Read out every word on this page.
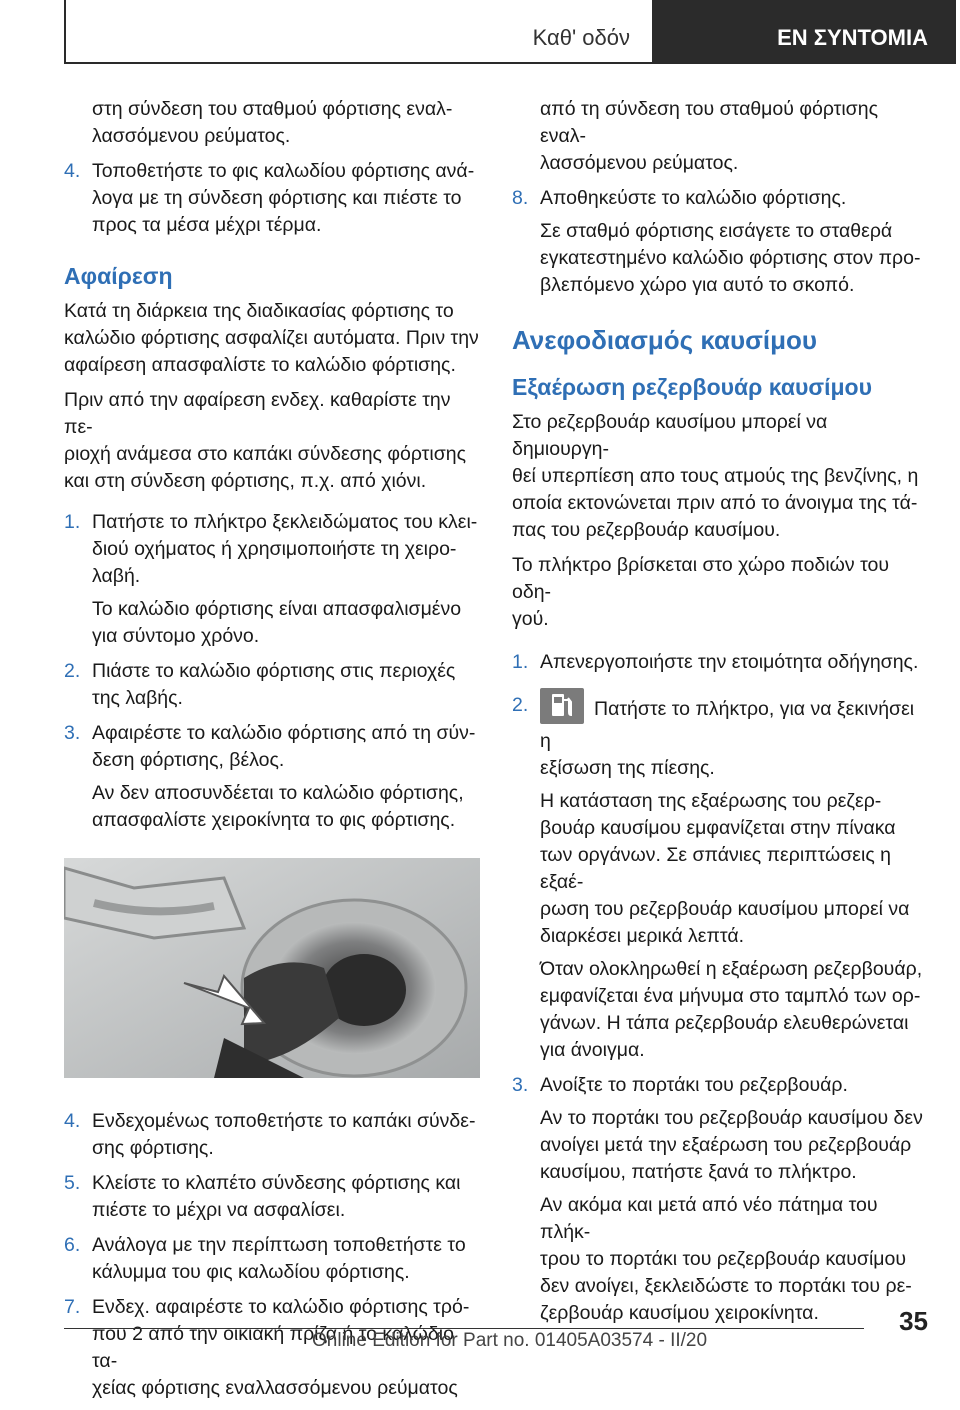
Καθ' οδόν	ΕΝ ΣΥΝΤΟΜΙΑ

στη σύνδεση του σταθμού φόρτισης εναλ-
λασσόμενου ρεύματος.

4. Τοποθετήστε το φις καλωδίου φόρτισης ανά-
λογα με τη σύνδεση φόρτισης και πιέστε το
προς τα μέσα μέχρι τέρμα.

Αφαίρεση

Κατά τη διάρκεια της διαδικασίας φόρτισης το
καλώδιο φόρτισης ασφαλίζει αυτόματα. Πριν την
αφαίρεση απασφαλίστε το καλώδιο φόρτισης.

Πριν από την αφαίρεση ενδεχ. καθαρίστε την πε-
ριοχή ανάμεσα στο καπάκι σύνδεσης φόρτισης
και στη σύνδεση φόρτισης, π.χ. από χιόνι.

1. Πατήστε το πλήκτρο ξεκλειδώματος του κλει-
διού οχήματος ή χρησιμοποιήστε τη χειρο-
λαβή.

Το καλώδιο φόρτισης είναι απασφαλισμένο
για σύντομο χρόνο.

2. Πιάστε το καλώδιο φόρτισης στις περιοχές
της λαβής.

3. Αφαιρέστε το καλώδιο φόρτισης από τη σύν-
δεση φόρτισης, βέλος.

Αν δεν αποσυνδέεται το καλώδιο φόρτισης,
απασφαλίστε χειροκίνητα το φις φόρτισης.

4. Ενδεχομένως τοποθετήστε το καπάκι σύνδε-
σης φόρτισης.

5. Κλείστε το κλαπέτο σύνδεσης φόρτισης και
πιέστε το μέχρι να ασφαλίσει.

6. Ανάλογα με την περίπτωση τοποθετήστε το
κάλυμμα του φις καλωδίου φόρτισης.

7. Ενδεχ. αφαιρέστε το καλώδιο φόρτισης τρό-
που 2 από την οικιακή πρίζα ή το καλώδιο τα-
χείας φόρτισης εναλλασσόμενου ρεύματος

από τη σύνδεση του σταθμού φόρτισης εναλ-
λασσόμενου ρεύματος.

8. Αποθηκεύστε το καλώδιο φόρτισης.

Σε σταθμό φόρτισης εισάγετε το σταθερά
εγκατεστημένο καλώδιο φόρτισης στον προ-
βλεπόμενο χώρο για αυτό το σκοπό.

Ανεφοδιασμός καυσίμου
Εξαέρωση ρεζερβουάρ καυσίμου

Στο ρεζερβουάρ καυσίμου μπορεί να δημιουργη-
θεί υπερπίεση απο τους ατμούς της βενζίνης, η
οποία εκτονώνεται πριν από το άνοιγμα της τά-
πας του ρεζερβουάρ καυσίμου.

Το πλήκτρο βρίσκεται στο χώρο ποδιών του οδη-
γού.

1. Απενεργοποιήστε την ετοιμότητα οδήγησης.

2.	Πατήστε το πλήκτρο, για να ξεκινήσει η
εξίσωση της πίεσης.

Η κατάσταση της εξαέρωσης του ρεζερ-
βουάρ καυσίμου εμφανίζεται στην πίνακα
των οργάνων. Σε σπάνιες περιπτώσεις η εξαέ-
ρωση του ρεζερβουάρ καυσίμου μπορεί να
διαρκέσει μερικά λεπτά.

Όταν ολοκληρωθεί η εξαέρωση ρεζερβουάρ,
εμφανίζεται ένα μήνυμα στο ταμπλό των ορ-
γάνων. Η τάπα ρεζερβουάρ ελευθερώνεται
για άνοιγμα.

3. Ανοίξτε το πορτάκι του ρεζερβουάρ.

Αν το πορτάκι του ρεζερβουάρ καυσίμου δεν
ανοίγει μετά την εξαέρωση του ρεζερβουάρ
καυσίμου, πατήστε ξανά το πλήκτρο.

Αν ακόμα και μετά από νέο πάτημα του πλήκ-
τρου το πορτάκι του ρεζερβουάρ καυσίμου
δεν ανοίγει, ξεκλειδώστε το πορτάκι του ρε-
ζερβουάρ καυσίμου χειροκίνητα.	35
Online Edition for Part no. 01405A03574 - II/20
